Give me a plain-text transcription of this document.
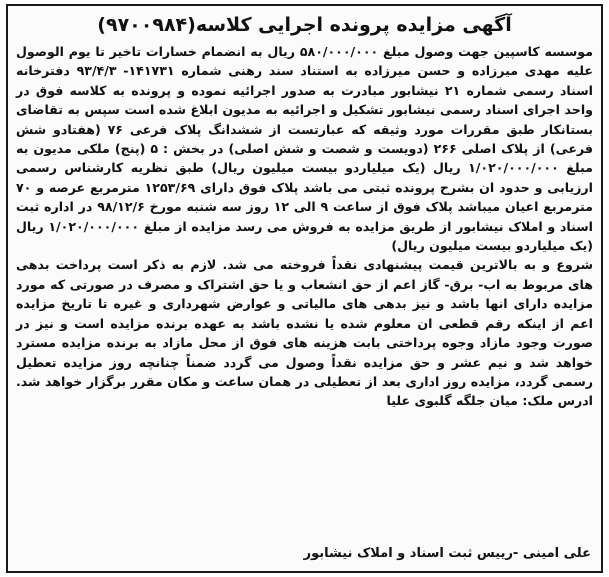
آگهی مزایده پرونده اجرایی کلاسه(۹۷۰۰۹۸۴)
موسسه کاسپین جهت وصول مبلغ ۵۸۰/۰۰۰/۰۰۰ ریال به انضمام خسارات تاخیر تا یوم الوصول علیه مهدی میرزاده و حسن میرزاده به استناد سند رهنی شماره ۱۴۱۷۳۱- ۹۳/۴/۳ دفترخانه اسناد رسمی شماره ۲۱ نیشابور مبادرت به صدور اجرائیه نموده و پرونده به کلاسه فوق در واحد اجرای اسناد رسمی نیشابور تشکیل و اجرائیه به مدیون ابلاغ شده است سپس به تقاضای بستانکار طبق مقررات مورد وثیقه که عبارتست از ششدانگ پلاک فرعی ۷۶ (هفتادو شش فرعی) از پلاک اصلی ۲۶۶ (دویست و شصت و شش اصلی) در بخش : ۵ (پنج) ملکی مدیون به مبلغ ۱/۰۲۰/۰۰۰/۰۰۰ ریال (یک میلیاردو بیست میلیون ریال) طبق نظریه کارشناس رسمی ارزیابی و حدود ان بشرح پرونده ثبتی می باشد پلاک فوق دارای ۱۲۵۳/۶۹ مترمربع عرصه و ۷۰ مترمربع اعیان میباشد پلاک فوق از ساعت ۹ الی ۱۲ روز سه شنبه مورخ ۹۸/۱۲/۶ در اداره ثبت اسناد و املاک نیشابور از طریق مزایده به فروش می رسد مزایده از مبلغ ۱/۰۲۰/۰۰۰/۰۰۰ ریال (یک میلیاردو بیست میلیون ریال)
شروع و به بالاترین قیمت پیشنهادی نقداً فروخته می شد. لازم به ذکر است پرداخت بدهی های مربوط به اب- برق- گاز اعم از حق انشعاب و یا حق اشتراک و مصرف در صورتی که مورد مزایده دارای انها باشد و نیز بدهی های مالیاتی و عوارض شهرداری و غیره تا تاریخ مزایده اعم از اینکه رقم قطعی ان معلوم شده یا نشده باشد به عهده برنده مزایده است و نیز در صورت وجود مازاد وجوه پرداختی بابت هزینه های فوق از محل مازاد به برنده مزایده مسترد خواهد شد و نیم عشر و حق مزایده نقداً وصول می گردد ضمناً چنانچه روز مزایده تعطیل رسمی گردد، مزایده روز اداری بعد از تعطیلی در همان ساعت و مکان مقرر برگزار خواهد شد. ادرس ملک: میان جلگه گلبوی علیا
علی امینی -رییس ثبت اسناد و املاک نیشابور
